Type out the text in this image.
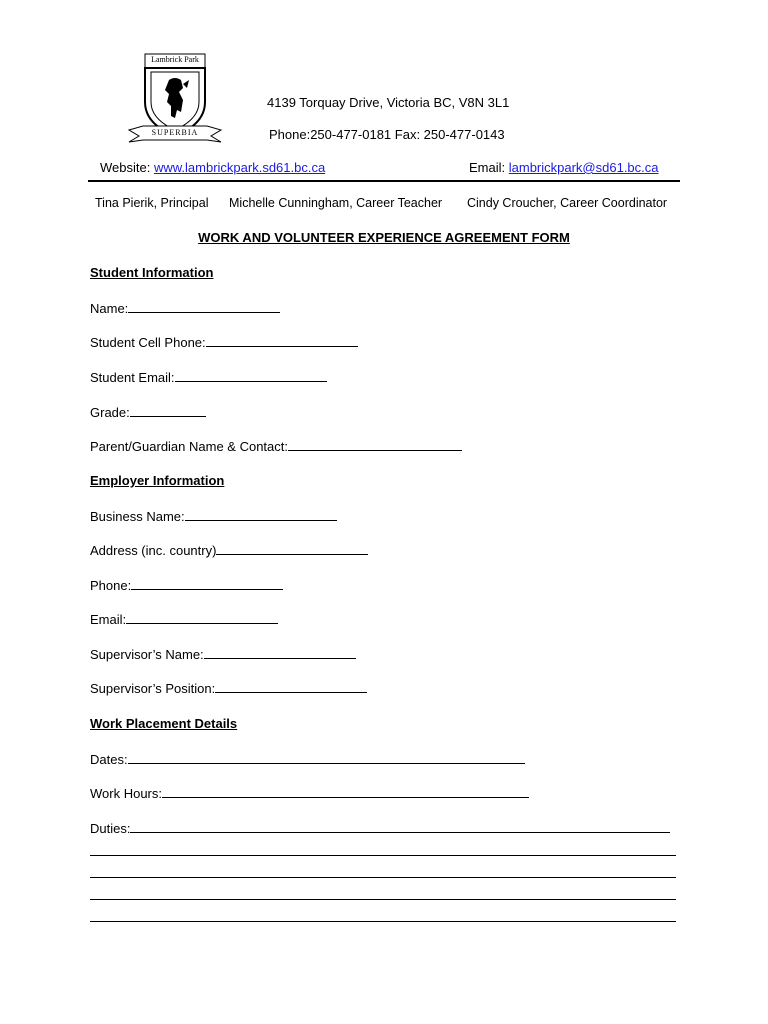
Lambrick Park
SUPERBIA
4139 Torquay Drive, Victoria BC, V8N 3L1
Phone:250-477-0181 Fax: 250-477-0143
Website: www.lambrickpark.sd61.bc.ca	Email: lambrickpark@sd61.bc.ca
Tina Pierik, Principal Michelle Cunningham, Career Teacher Cindy Croucher, Career Coordinator
WORK AND VOLUNTEER EXPERIENCE AGREEMENT FORM
Student Information
Name:
Student Cell Phone:
Student Email:
Grade:
Parent/Guardian Name & Contact:
Employer Information
Business Name:
Address (inc. country)
Phone:
Email:
Supervisor’s Name:
Supervisor’s Position:
Work Placement Details
Dates:
Work Hours:
Duties:
